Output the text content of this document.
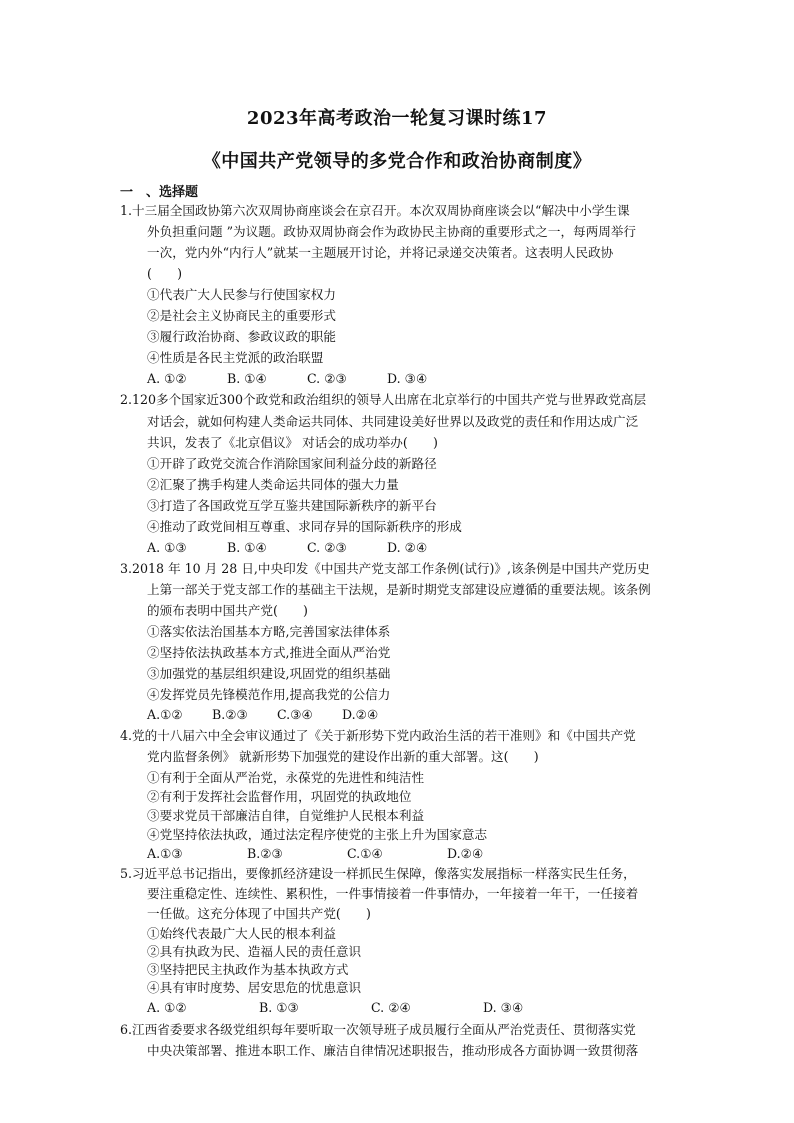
2023年高考政治一轮复习课时练17
《中国共产党领导的多党合作和政治协商制度》
一　、选择题
1.十三届全国政协第六次双周协商座谈会在京召开。本次双周协商座谈会以“解决中小学生课
外负担重问题 ”为议题。政协双周协商会作为政协民主协商的重要形式之一，每两周举行
一次，党内外“内行人”就某一主题展开讨论，并将记录递交决策者。这表明人民政协
(　　)
①代表广大人民参与行使国家权力
②是社会主义协商民主的重要形式
③履行政治协商、参政议政的职能
④性质是各民主党派的政治联盟
A. ①②	B. ①④	C. ②③	D. ③④
2.120多个国家近300个政党和政治组织的领导人出席在北京举行的中国共产党与世界政党高层
对话会，就如何构建人类命运共同体、共同建设美好世界以及政党的责任和作用达成广泛
共识，发表了《北京倡议》 对话会的成功举办(　　)
①开辟了政党交流合作消除国家间利益分歧的新路径
②汇聚了携手构建人类命运共同体的强大力量
③打造了各国政党互学互鉴共建国际新秩序的新平台
④推动了政党间相互尊重、求同存异的国际新秩序的形成
A. ①③	B. ①④	C. ②③	D. ②④
3.2018 年 10 月 28 日,中央印发《中国共产党支部工作条例(试行)》,该条例是中国共产党历史
上第一部关于党支部工作的基础主干法规，是新时期党支部建设应遵循的重要法规。该条例
的颁布表明中国共产党(　　)
①落实依法治国基本方略,完善国家法律体系
②坚持依法执政基本方式,推进全面从严治党
③加强党的基层组织建设,巩固党的组织基础
④发挥党员先锋模范作用,提高我党的公信力
A.①② B.②③ C.③④ D.②④
4.党的十八届六中全会审议通过了《关于新形势下党内政治生活的若干准则》和《中国共产党
党内监督条例》 就新形势下加强党的建设作出新的重大部署。这(　　)
①有利于全面从严治党，永葆党的先进性和纯洁性
②有利于发挥社会监督作用，巩固党的执政地位
③要求党员干部廉洁自律，自觉维护人民根本利益
④党坚持依法执政，通过法定程序使党的主张上升为国家意志
A.①③	B.②③	C.①④	D.②④
5.习近平总书记指出，要像抓经济建设一样抓民生保障，像落实发展指标一样落实民生任务，
要注重稳定性、连续性、累积性，一件事情接着一件事情办，一年接着一年干，一任接着
一任做。这充分体现了中国共产党(　　)
①始终代表最广大人民的根本利益
②具有执政为民、造福人民的责任意识
③坚持把民主执政作为基本执政方式
④具有审时度势、居安思危的忧患意识
A. ①②	B. ①③	C. ②④	D. ③④
6.江西省委要求各级党组织每年要听取一次领导班子成员履行全面从严治党责任、贯彻落实党
中央决策部署、推进本职工作、廉洁自律情况述职报告，推动形成各方面协调一致贯彻落
